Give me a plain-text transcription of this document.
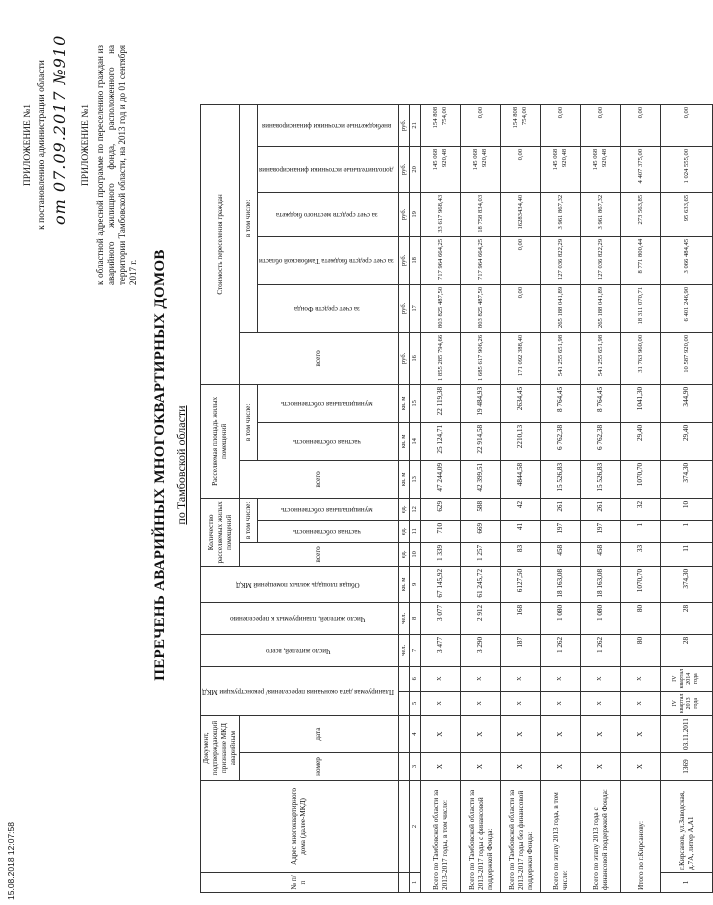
ПРИЛОЖЕНИЕ №1 к постановлению администрации области от 07.09.2017 №910 ПРИЛОЖЕНИЕ №1 к областной адресной программе по переселению граждан из аварийного жилищного фонда, расположенного на территории Тамбовской области, на 2013 год и до 01 сентября 2017 г. ПЕРЕЧЕНЬ АВАРИЙНЫХ МНОГОКВАРТИРНЫХ ДОМОВ по Тамбовской области
№ п/п	Адрес многоквартирного дома (далее-МКД)	Документ, подтверждающий признание МКД аварийным		Планируемая дата окончания переселения/ реконструкции МКД		Число жителей, всего	Число жителей, планируемых к переселению	Общая площадь жилых помещений МКД	Количество расселяемых жилых помещений			Расселяемая площадь жилых помещений			Стоимость переселения граждан					
		номер	дата						всего	в том числе:		всего	в том числе:		всего	в том числе:				
										частная собственность	муниципальная собственность		частная собственность	муниципальная собственность		за счет средств Фонда	за счет средств бюджета Тамбовской области	за счет средств местного бюджета	дополнительные источники финансирования	внебюджетные источники финансирования
						чел.	чел.	кв. м	ед.	ед.	ед.	кв. м	кв. м	кв. м	руб.	руб.	руб.	руб.	руб.	руб.
1	2	3	4	5	6	7	8	9	10	11	12	13	14	15	16	17	18	19	20	21
Всего по Тамбовской области за 2013-2017 годы, в том числе:		X	X	X	X	3 477	3 077	67 145,92	1 339	710	629	47 244,09	25 124,71	22 119,38	1 855 285 794,66	803 825 487,50	717 964 664,25	33 617 968,43	145 068 920,48	154 808 754,00
Всего по Тамбовской области за 2013-2017 годы с финансовой поддержкой Фонда:		X	X	X	X	3 290	2 912	61 245,72	1 257	669	588	42 399,51	22 914,58	19 484,93	1 685 617 906,26	803 825 487,50	717 964 664,25	18 758 834,03	145 068 920,48	0,00
Всего по Тамбовской области за 2013-2017 годы без финансовой поддержки Фонда:		X	X	X	X	187	168	6127,50	83	41	42	4844,58	2210,13	2634,45	171 092 388,40	0,00	0,00	16283434,40	0,00	154 808 754,00
Всего по этапу 2013 года, в том числе:		X	X	X	X	1 262	1 080	18 163,08	458	197	261	15 526,83	6 762,38	8 764,45	541 255 651,98	265 188 041,89	127 036 822,29	3 961 867,32	145 068 920,48	0,00
Всего по этапу 2013 года с финансовой поддержкой Фонда:		X	X	X	X	1 262	1 080	18 163,08	458	197	261	15 526,83	6 762,38	8 764,45	541 255 651,98	265 188 041,89	127 036 822,29	3 961 867,32	145 068 920,48	0,00
Итого по г.Кирсанову:		X	X	X	X	80	80	1070,70	33	1	32	1070,70	29,40	1041,30	31 763 960,00	18 311 070,71	8 771 800,44	273 563,85	4 407 375,00	0,00
1	г.Кирсанов, ул.Заводская, д.7А, литер А,А1	1369	03.11.2011	IV квартал 2013 года	IV квартал 2014 года	28	28	374,30	11	1	10	374,30	29,40	344,90	10 587 920,00	6 401 246,90	3 066 484,45	95 633,65	1 024 555,00	0,00
15.08.2018 12:07:58
